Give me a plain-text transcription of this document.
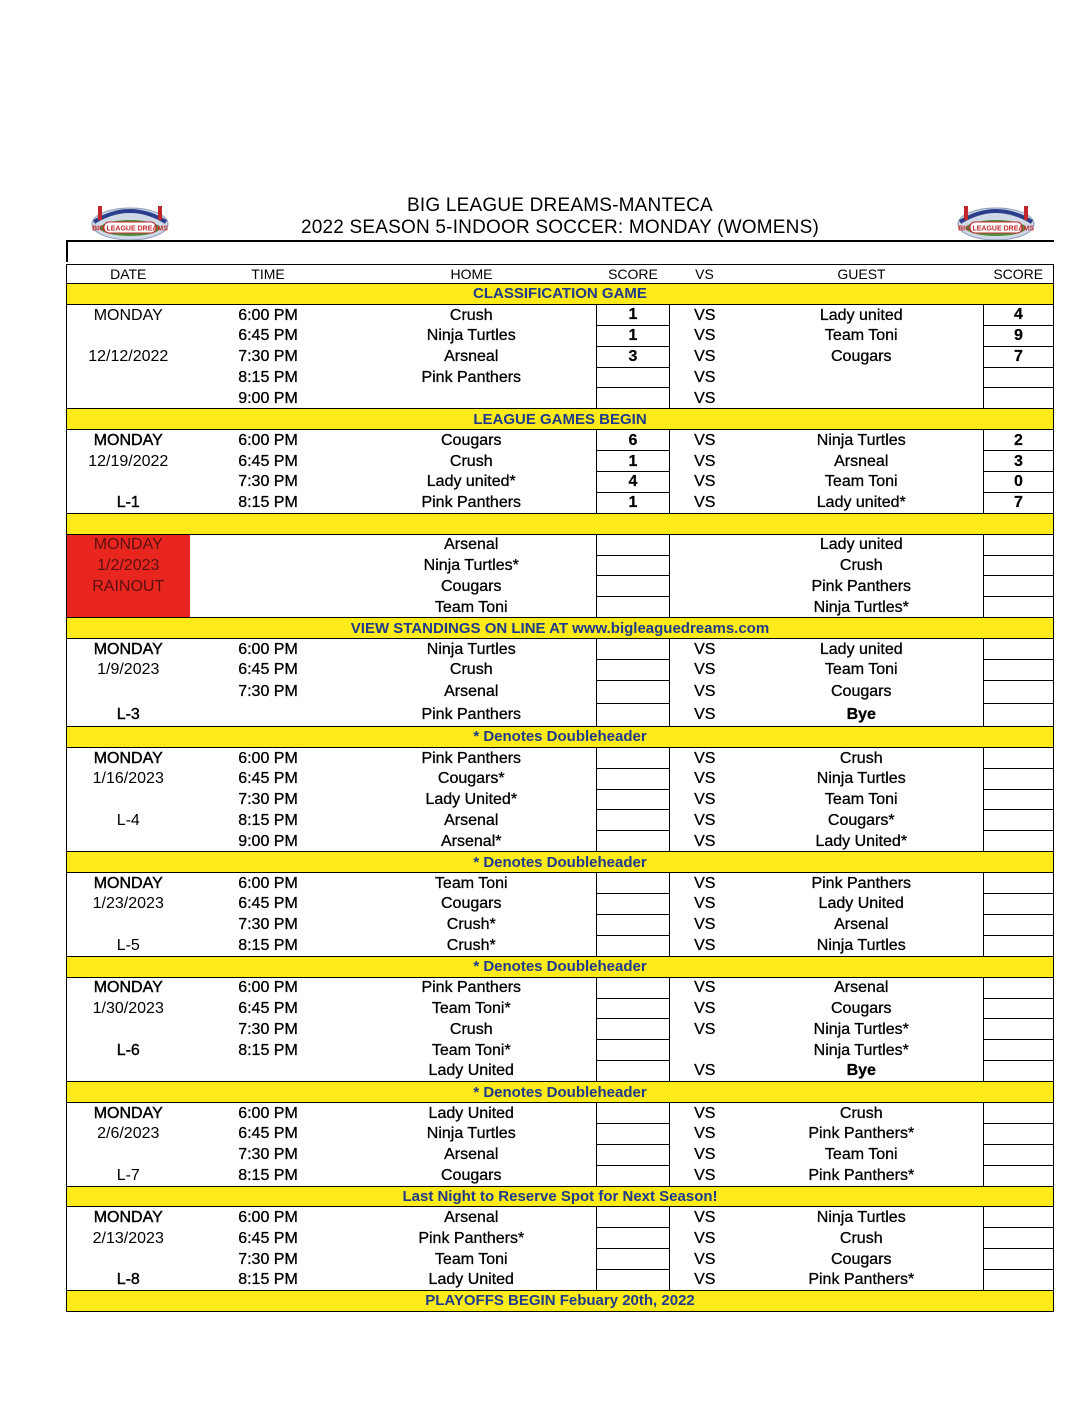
BIG LEAGUE DREAMS	BIG LEAGUE DREAMS
BIG LEAGUE DREAMS-MANTECA
2022 SEASON 5-INDOOR SOCCER: MONDAY (WOMENS)
DATE	TIME	HOME	SCORE	VS	GUEST	SCORE
CLASSIFICATION GAME						
MONDAY	6:00 PM	Crush	1	VS	Lady united	4
	6:45 PM	Ninja Turtles	1	VS	Team Toni	9
12/12/2022	7:30 PM	Arsneal	3	VS	Cougars	7
	8:15 PM	Pink Panthers		VS		
	9:00 PM			VS		
LEAGUE GAMES BEGIN						
MONDAY	6:00 PM	Cougars	6	VS	Ninja Turtles	2
12/19/2022	6:45 PM	Crush	1	VS	Arsneal	3
	7:30 PM	Lady united*	4	VS	Team Toni	0
L-1	8:15 PM	Pink Panthers	1	VS	Lady united*	7

MONDAY		Arsenal			Lady united	
1/2/2023		Ninja Turtles*			Crush	
RAINOUT		Cougars			Pink Panthers	
		Team Toni			Ninja Turtles*	
VIEW STANDINGS ON LINE AT www.bigleaguedreams.com						
MONDAY	6:00 PM	Ninja Turtles		VS	Lady united	
1/9/2023	6:45 PM	Crush		VS	Team Toni	
	7:30 PM	Arsenal		VS	Cougars	
L-3		Pink Panthers		VS	Bye	
* Denotes Doubleheader						
MONDAY	6:00 PM	Pink Panthers		VS	Crush	
1/16/2023	6:45 PM	Cougars*		VS	Ninja Turtles	
	7:30 PM	Lady United*		VS	Team Toni	
L-4	8:15 PM	Arsenal		VS	Cougars*	
	9:00 PM	Arsenal*		VS	Lady United*	
* Denotes Doubleheader						
MONDAY	6:00 PM	Team Toni		VS	Pink Panthers	
1/23/2023	6:45 PM	Cougars		VS	Lady United	
	7:30 PM	Crush*		VS	Arsenal	
L-5	8:15 PM	Crush*		VS	Ninja Turtles	
* Denotes Doubleheader						
MONDAY	6:00 PM	Pink Panthers		VS	Arsenal	
1/30/2023	6:45 PM	Team Toni*		VS	Cougars	
	7:30 PM	Crush		VS	Ninja Turtles*	
L-6	8:15 PM	Team Toni*			Ninja Turtles*	
		Lady United		VS	Bye	
* Denotes Doubleheader						
MONDAY	6:00 PM	Lady United		VS	Crush	
2/6/2023	6:45 PM	Ninja Turtles		VS	Pink Panthers*	
	7:30 PM	Arsenal		VS	Team Toni	
L-7	8:15 PM	Cougars		VS	Pink Panthers*	
Last Night to Reserve Spot for Next Season!						
MONDAY	6:00 PM	Arsenal		VS	Ninja Turtles	
2/13/2023	6:45 PM	Pink Panthers*		VS	Crush	
	7:30 PM	Team Toni		VS	Cougars	
L-8	8:15 PM	Lady United		VS	Pink Panthers*	
PLAYOFFS BEGIN Febuary 20th, 2022						
